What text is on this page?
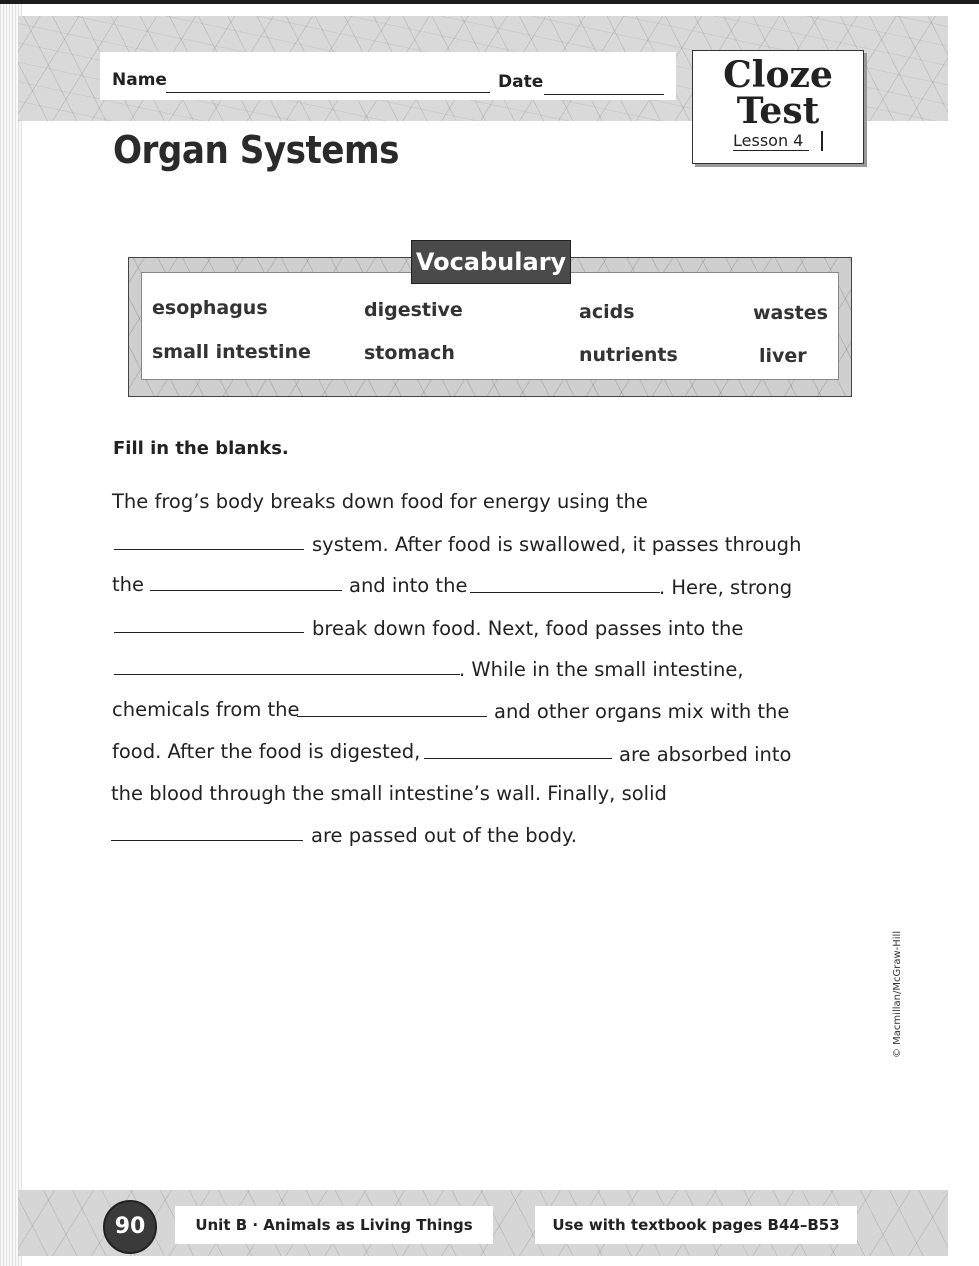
Name	Date	Cloze
Test
Lesson 4
Organ Systems
Vocabulary
esophagus	digestive	acids	wastes
small intestine	stomach	nutrients	liver
Fill in the blanks.
The frog’s body breaks down food for energy using the
system. After food is swallowed, it passes through
the	and into the	. Here, strong
break down food. Next, food passes into the
. While in the small intestine,
chemicals from the	and other organs mix with the
food. After the food is digested,	are absorbed into
the blood through the small intestine’s wall. Finally, solid
are passed out of the body.
© Macmillan/McGraw-Hill
Unit B · Animals as Living Things	Use with textbook pages B44–B53
90
